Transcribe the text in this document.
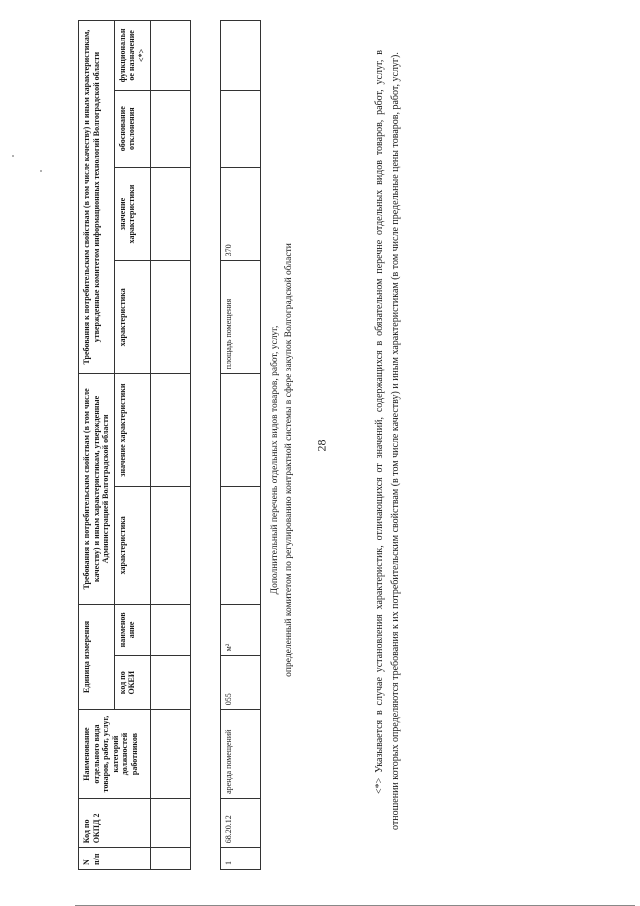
28
N п/п	Код по ОКПД 2	Наименование отдельного вида товаров, работ, услуг, категорий должностей работников	Единица измерения		Требования к потребительским свойствам (в том числе качеству) и иным характеристикам, утвержденные Администрацией Волгоградской области		Требования к потребительским свойствам (в том числе качеству) и иным характеристикам, утвержденные комитетом информационных технологий Волгоградской области			
			код по ОКЕИ	наименов ание	характеристика	значение характеристики	характеристика	значение характеристики	обоснование отклонения	функциональн ое назначение <*>

1	68.20.12	аренда помещений	055	м²			площадь помещения	370		
Дополнительный перечень отдельных видов товаров, работ, услуг, определенный комитетом по регулированию контрактной системы в сфере закупок Волгоградской области	<*> Указывается в случае установления характеристик, отличающихся от значений, содержащихся в обязательном перечне отдельных видов товаров, работ, услуг, в отношении которых определяются требования к их потребительским свойствам (в том числе качеству) и иным характеристикам (в том числе предельные цены товаров, работ, услуг).
